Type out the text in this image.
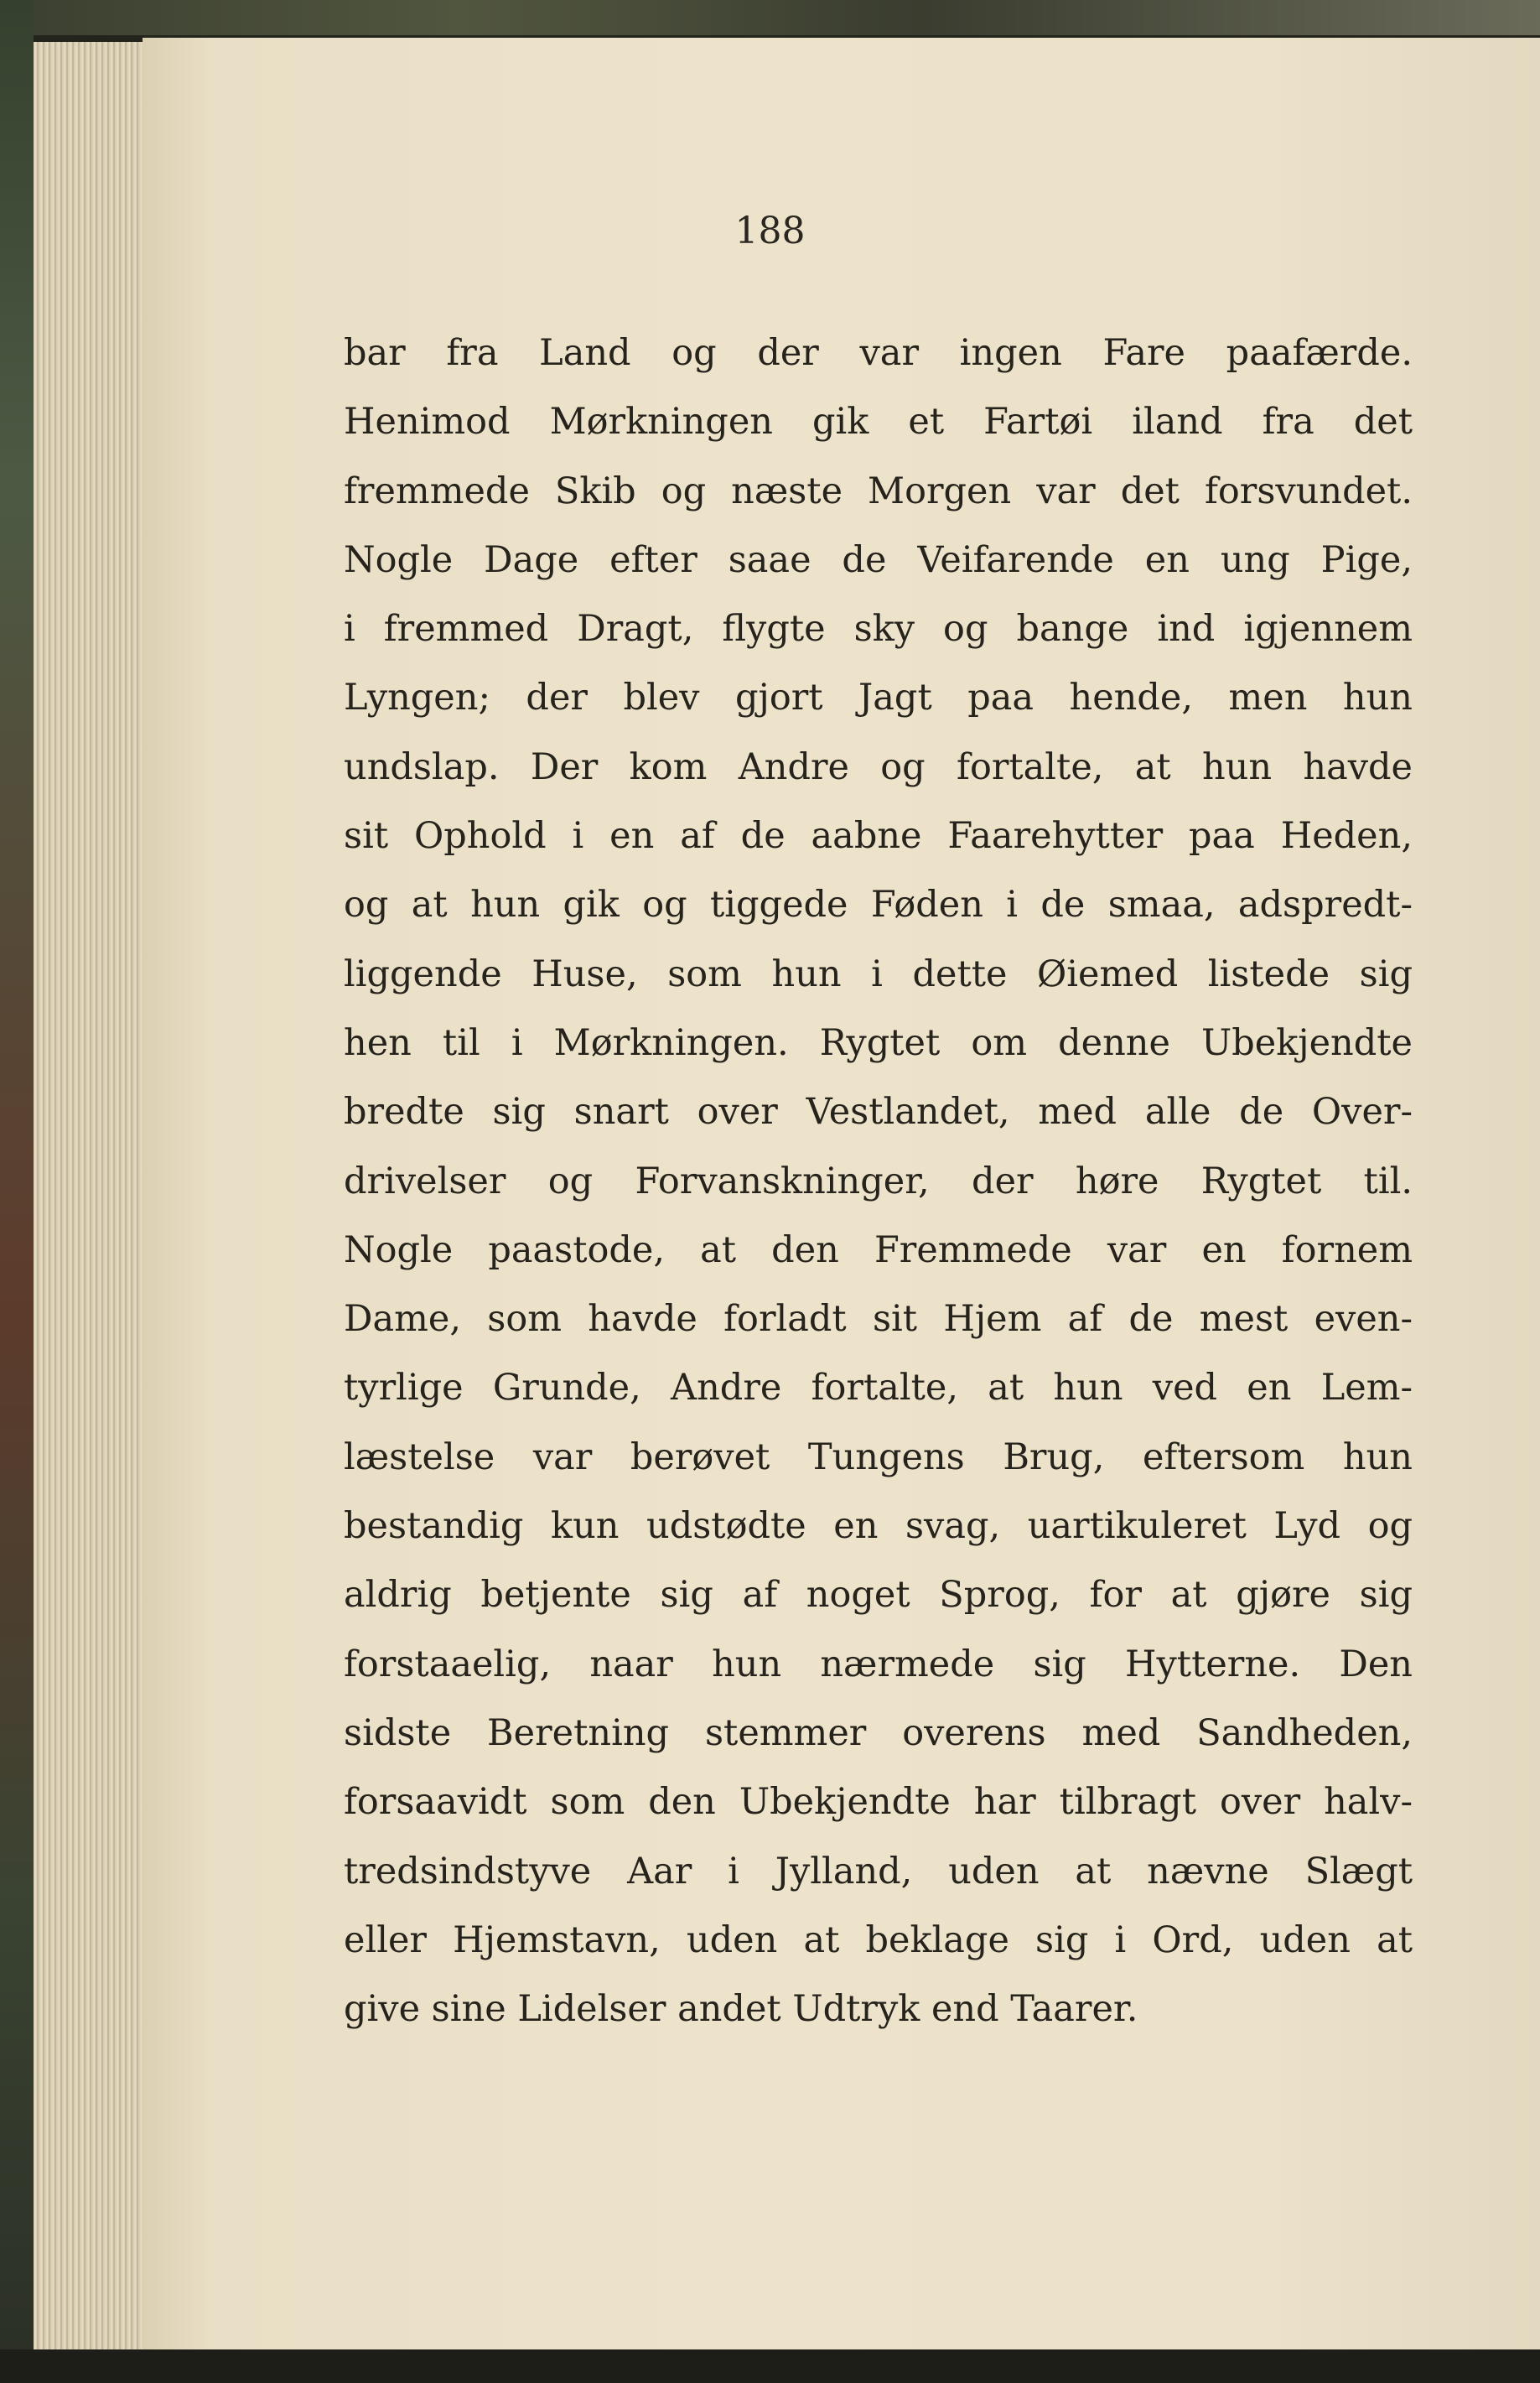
188
bar fra Land og der var ingen Fare paafærde.
Henimod Mørkningen gik et Fartøi iland fra det
fremmede Skib og næste Morgen var det forsvundet.
Nogle Dage efter saae de Veifarende en ung Pige,
i fremmed Dragt, flygte sky og bange ind igjennem
Lyngen; der blev gjort Jagt paa hende, men hun
undslap. Der kom Andre og fortalte, at hun havde
sit Ophold i en af de aabne Faarehytter paa Heden,
og at hun gik og tiggede Føden i de smaa, adspredt-
liggende Huse, som hun i dette Øiemed listede sig
hen til i Mørkningen. Rygtet om denne Ubekjendte
bredte sig snart over Vestlandet, med alle de Over-
drivelser og Forvanskninger, der høre Rygtet til.
Nogle paastode, at den Fremmede var en fornem
Dame, som havde forladt sit Hjem af de mest even-
tyrlige Grunde, Andre fortalte, at hun ved en Lem-
læstelse var berøvet Tungens Brug, eftersom hun
bestandig kun udstødte en svag, uartikuleret Lyd og
aldrig betjente sig af noget Sprog, for at gjøre sig
forstaaelig, naar hun nærmede sig Hytterne. Den
sidste Beretning stemmer overens med Sandheden,
forsaavidt som den Ubekjendte har tilbragt over halv-
tredsindstyve Aar i Jylland, uden at nævne Slægt
eller Hjemstavn, uden at beklage sig i Ord, uden at
give sine Lidelser andet Udtryk end Taarer.
